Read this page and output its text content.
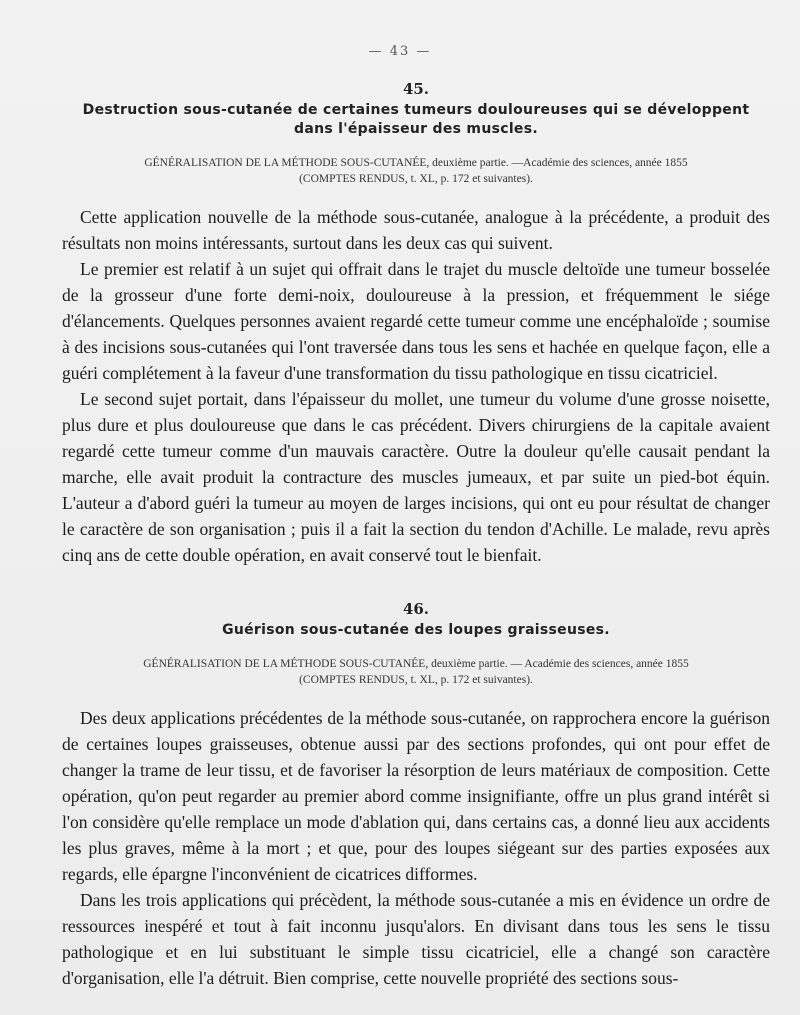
— 43 —
45.
Destruction sous-cutanée de certaines tumeurs douloureuses qui se développent
dans l'épaisseur des muscles.
GÉNÉRALISATION DE LA MÉTHODE SOUS-CUTANÉE, deuxième partie. —Académie des sciences, année 1855
(COMPTES RENDUS, t. XL, p. 172 et suivantes).

Cette application nouvelle de la méthode sous-cutanée, analogue à la précédente, a produit des résultats non moins intéressants, surtout dans les deux cas qui suivent.

Le premier est relatif à un sujet qui offrait dans le trajet du muscle deltoïde une tumeur bosselée de la grosseur d'une forte demi-noix, douloureuse à la pression, et fréquemment le siége d'élancements. Quelques personnes avaient regardé cette tumeur comme une encéphaloïde ; soumise à des incisions sous-cutanées qui l'ont traversée dans tous les sens et hachée en quelque façon, elle a guéri complétement à la faveur d'une transformation du tissu pathologique en tissu cicatriciel.

Le second sujet portait, dans l'épaisseur du mollet, une tumeur du volume d'une grosse noisette, plus dure et plus douloureuse que dans le cas précédent. Divers chirurgiens de la capitale avaient regardé cette tumeur comme d'un mauvais caractère. Outre la douleur qu'elle causait pendant la marche, elle avait produit la contracture des muscles jumeaux, et par suite un pied-bot équin. L'auteur a d'abord guéri la tumeur au moyen de larges incisions, qui ont eu pour résultat de changer le caractère de son organisation ; puis il a fait la section du tendon d'Achille. Le malade, revu après cinq ans de cette double opération, en avait conservé tout le bienfait.

46.
Guérison sous-cutanée des loupes graisseuses.
GÉNÉRALISATION DE LA MÉTHODE SOUS-CUTANÉE, deuxième partie. — Académie des sciences, année 1855
(COMPTES RENDUS, t. XL, p. 172 et suivantes).

Des deux applications précédentes de la méthode sous-cutanée, on rapprochera encore la guérison de certaines loupes graisseuses, obtenue aussi par des sections profondes, qui ont pour effet de changer la trame de leur tissu, et de favoriser la résorption de leurs matériaux de composition. Cette opération, qu'on peut regarder au premier abord comme insignifiante, offre un plus grand intérêt si l'on considère qu'elle remplace un mode d'ablation qui, dans certains cas, a donné lieu aux accidents les plus graves, même à la mort ; et que, pour des loupes siégeant sur des parties exposées aux regards, elle épargne l'inconvénient de cicatrices difformes.

Dans les trois applications qui précèdent, la méthode sous-cutanée a mis en évidence un ordre de ressources inespéré et tout à fait inconnu jusqu'alors. En divisant dans tous les sens le tissu pathologique et en lui substituant le simple tissu cicatriciel, elle a changé son caractère d'organisation, elle l'a détruit. Bien comprise, cette nouvelle propriété des sections sous-
